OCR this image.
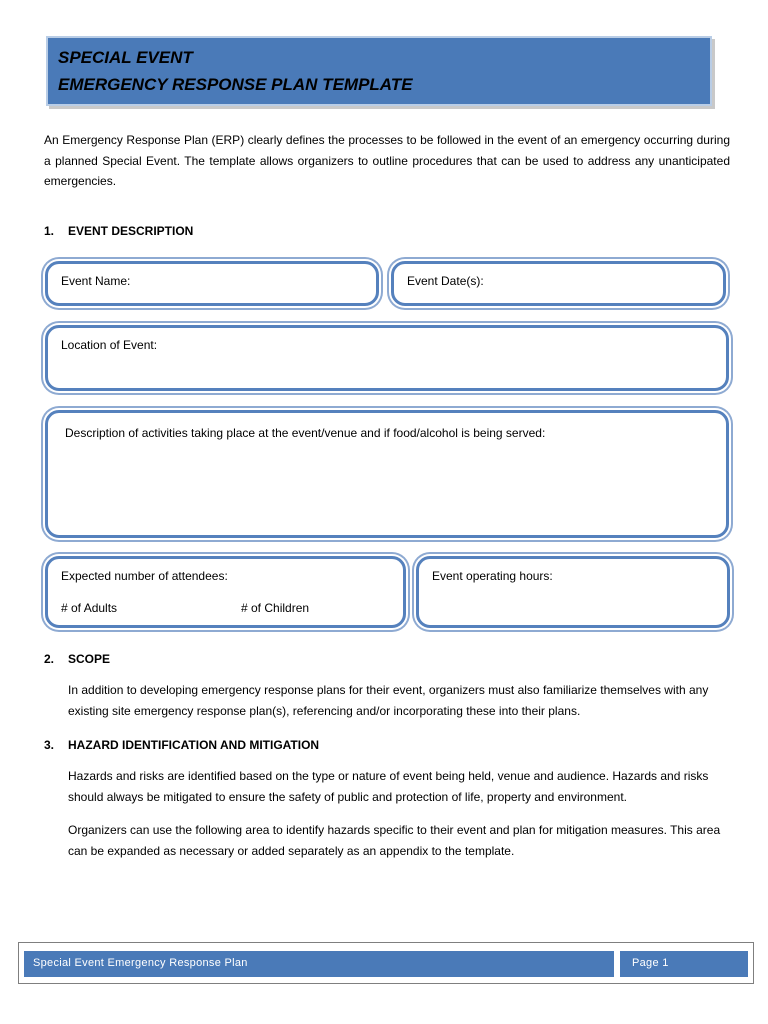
SPECIAL EVENT
EMERGENCY RESPONSE PLAN TEMPLATE

An Emergency Response Plan (ERP) clearly defines the processes to be followed in the event of an emergency occurring during a planned Special Event. The template allows organizers to outline procedures that can be used to address any unanticipated emergencies.

1. EVENT DESCRIPTION
Event Name:	Event Date(s):
Location of Event:
Description of activities taking place at the event/venue and if food/alcohol is being served:
Expected number of attendees:
# of Adults	# of Children
Event operating hours:
2. SCOPE
In addition to developing emergency response plans for their event, organizers must also familiarize themselves with any existing site emergency response plan(s), referencing and/or incorporating these into their plans.
3. HAZARD IDENTIFICATION AND MITIGATION
Hazards and risks are identified based on the type or nature of event being held, venue and audience. Hazards and risks should always be mitigated to ensure the safety of public and protection of life, property and environment.
Organizers can use the following area to identify hazards specific to their event and plan for mitigation measures. This area can be expanded as necessary or added separately as an appendix to the template.
Special Event Emergency Response Plan	Page 1
